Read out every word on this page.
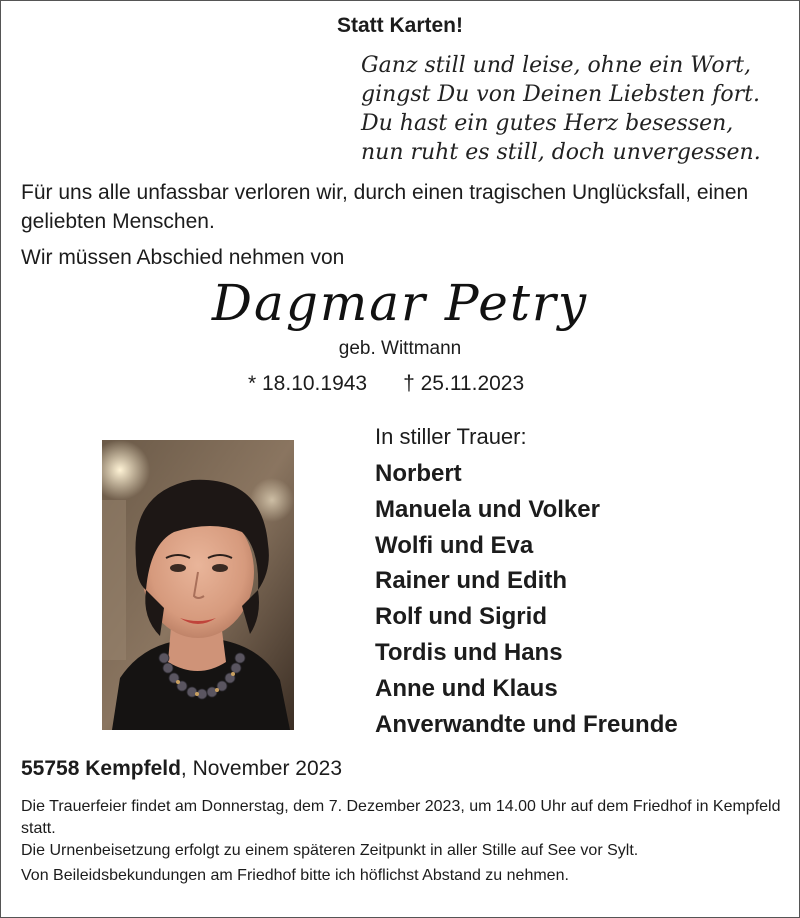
Statt Karten!
Ganz still und leise, ohne ein Wort,
gingst Du von Deinen Liebsten fort.
Du hast ein gutes Herz besessen,
nun ruht es still, doch unvergessen.
Für uns alle unfassbar verloren wir, durch einen tragischen Unglücksfall, einen geliebten Menschen.
Wir müssen Abschied nehmen von
Dagmar Petry
geb. Wittmann
* 18.10.1943 † 25.11.2023
In stiller Trauer:
Norbert
Manuela und Volker
Wolfi und Eva
Rainer und Edith
Rolf und Sigrid
Tordis und Hans
Anne und Klaus
Anverwandte und Freunde
55758 Kempfeld, November 2023

Die Trauerfeier findet am Donnerstag, dem 7. Dezember 2023, um 14.00 Uhr auf dem Friedhof in Kempfeld statt.

Die Urnenbeisetzung erfolgt zu einem späteren Zeitpunkt in aller Stille auf See vor Sylt.

Von Beileidsbekundungen am Friedhof bitte ich höflichst Abstand zu nehmen.
